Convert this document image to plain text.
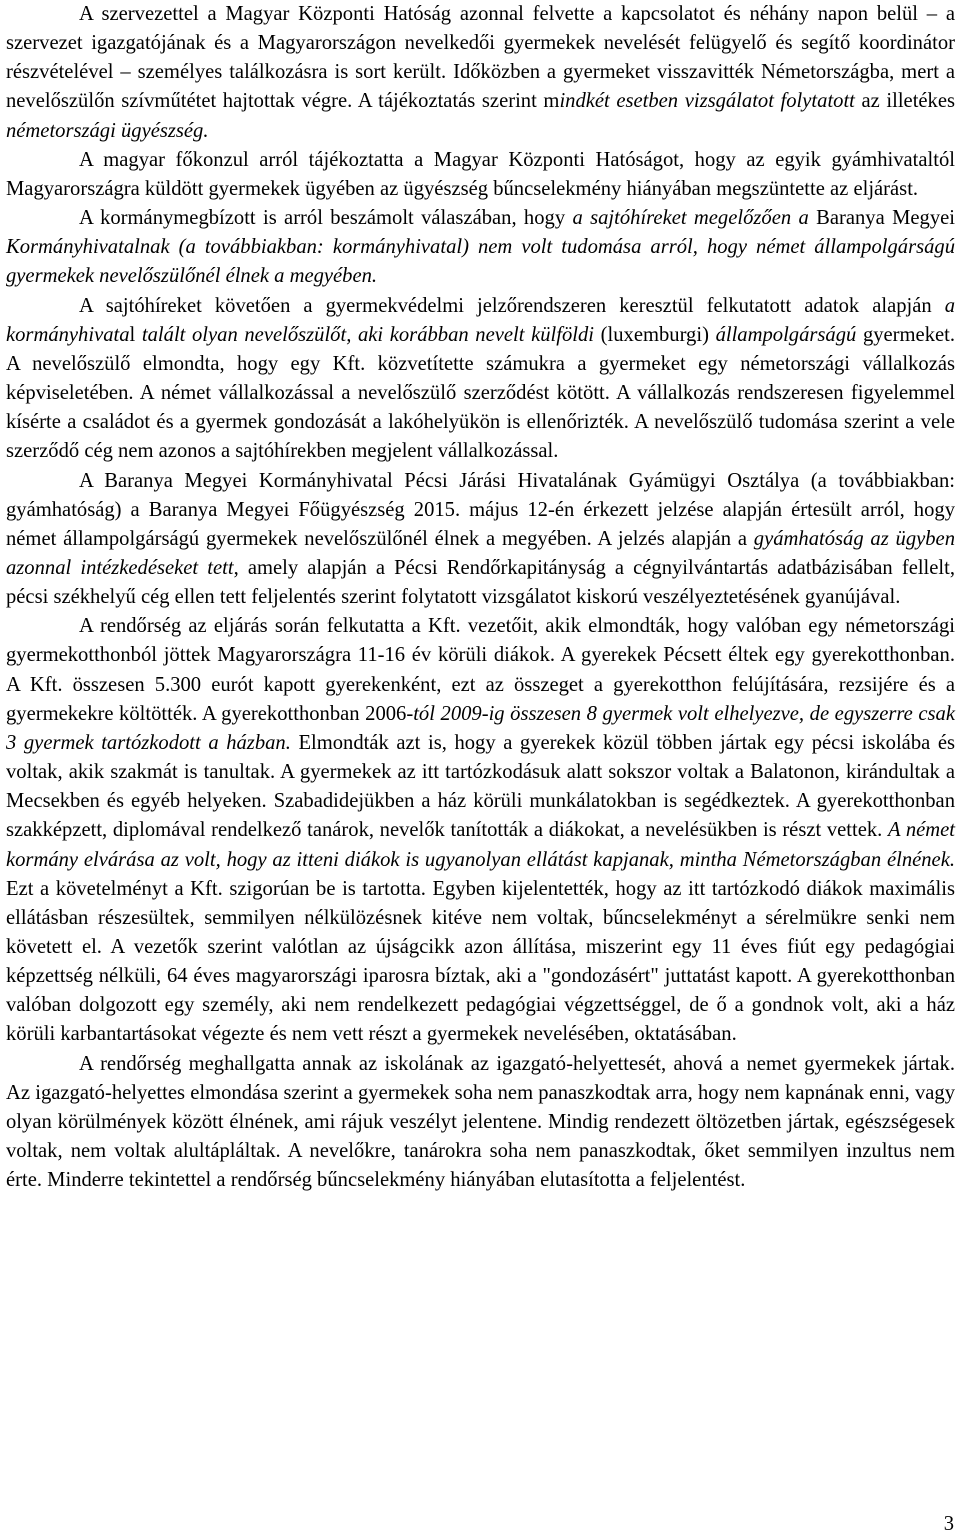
A szervezettel a Magyar Központi Hatóság azonnal felvette a kapcsolatot és néhány napon belül – a szervezet igazgatójának és a Magyarországon nevelkedői gyermekek nevelését felügyelő és segítő koordinátor részvételével – személyes találkozásra is sort került. Időközben a gyermeket visszavitték Németországba, mert a nevelőszülőn szívműtétet hajtottak végre. A tájékoztatás szerint mindkét esetben vizsgálatot folytatott az illetékes németországi ügyészség.

A magyar főkonzul arról tájékoztatta a Magyar Központi Hatóságot, hogy az egyik gyámhivataltól Magyarországra küldött gyermekek ügyében az ügyészség bűncselekmény hiányában megszüntette az eljárást.

A kormánymegbízott is arról beszámolt válaszában, hogy a sajtóhíreket megelőzően a Baranya Megyei Kormányhivatalnak (a továbbiakban: kormányhivatal) nem volt tudomása arról, hogy német állampolgárságú gyermekek nevelőszülőnél élnek a megyében.

A sajtóhíreket követően a gyermekvédelmi jelzőrendszeren keresztül felkutatott adatok alapján a kormányhivatal talált olyan nevelőszülőt, aki korábban nevelt külföldi (luxemburgi) állampolgárságú gyermeket. A nevelőszülő elmondta, hogy egy Kft. közvetítette számukra a gyermeket egy németországi vállalkozás képviseletében. A német vállalkozással a nevelőszülő szerződést kötött. A vállalkozás rendszeresen figyelemmel kísérte a családot és a gyermek gondozását a lakóhelyükön is ellenőrizték. A nevelőszülő tudomása szerint a vele szerződő cég nem azonos a sajtóhírekben megjelent vállalkozással.

A Baranya Megyei Kormányhivatal Pécsi Járási Hivatalának Gyámügyi Osztálya (a továbbiakban: gyámhatóság) a Baranya Megyei Főügyészség 2015. május 12-én érkezett jelzése alapján értesült arról, hogy német állampolgárságú gyermekek nevelőszülőnél élnek a megyében. A jelzés alapján a gyámhatóság az ügyben azonnal intézkedéseket tett, amely alapján a Pécsi Rendőrkapitányság a cégnyilvántartás adatbázisában fellelt, pécsi székhelyű cég ellen tett feljelentés szerint folytatott vizsgálatot kiskorú veszélyeztetésének gyanújával.

A rendőrség az eljárás során felkutatta a Kft. vezetőit, akik elmondták, hogy valóban egy németországi gyermekotthonból jöttek Magyarországra 11-16 év körüli diákok. A gyerekek Pécsett éltek egy gyerekotthonban. A Kft. összesen 5.300 eurót kapott gyerekenként, ezt az összeget a gyerekotthon felújítására, rezsijére és a gyermekekre költötték. A gyerekotthonban 2006-tól 2009-ig összesen 8 gyermek volt elhelyezve, de egyszerre csak 3 gyermek tartózkodott a házban. Elmondták azt is, hogy a gyerekek közül többen jártak egy pécsi iskolába és voltak, akik szakmát is tanultak. A gyermekek az itt tartózkodásuk alatt sokszor voltak a Balatonon, kirándultak a Mecsekben és egyéb helyeken. Szabadidejükben a ház körüli munkálatokban is segédkeztek. A gyerekotthonban szakképzett, diplomával rendelkező tanárok, nevelők tanították a diákokat, a nevelésükben is részt vettek. A német kormány elvárása az volt, hogy az itteni diákok is ugyanolyan ellátást kapjanak, mintha Németországban élnének. Ezt a követelményt a Kft. szigorúan be is tartotta. Egyben kijelentették, hogy az itt tartózkodó diákok maximális ellátásban részesültek, semmilyen nélkülözésnek kitéve nem voltak, bűncselekményt a sérelmükre senki nem követett el. A vezetők szerint valótlan az újságcikk azon állítása, miszerint egy 11 éves fiút egy pedagógiai képzettség nélküli, 64 éves magyarországi iparosra bíztak, aki a "gondozásért" juttatást kapott. A gyerekotthonban valóban dolgozott egy személy, aki nem rendelkezett pedagógiai végzettséggel, de ő a gondnok volt, aki a ház körüli karbantartásokat végezte és nem vett részt a gyermekek nevelésében, oktatásában.

A rendőrség meghallgatta annak az iskolának az igazgató-helyettesét, ahová a nemet gyermekek jártak. Az igazgató-helyettes elmondása szerint a gyermekek soha nem panaszkodtak arra, hogy nem kapnának enni, vagy olyan körülmények között élnének, ami rájuk veszélyt jelentene. Mindig rendezett öltözetben jártak, egészségesek voltak, nem voltak alultápláltak. A nevelőkre, tanárokra soha nem panaszkodtak, őket semmilyen inzultus nem érte. Minderre tekintettel a rendőrség bűncselekmény hiányában elutasította a feljelentést.

3
